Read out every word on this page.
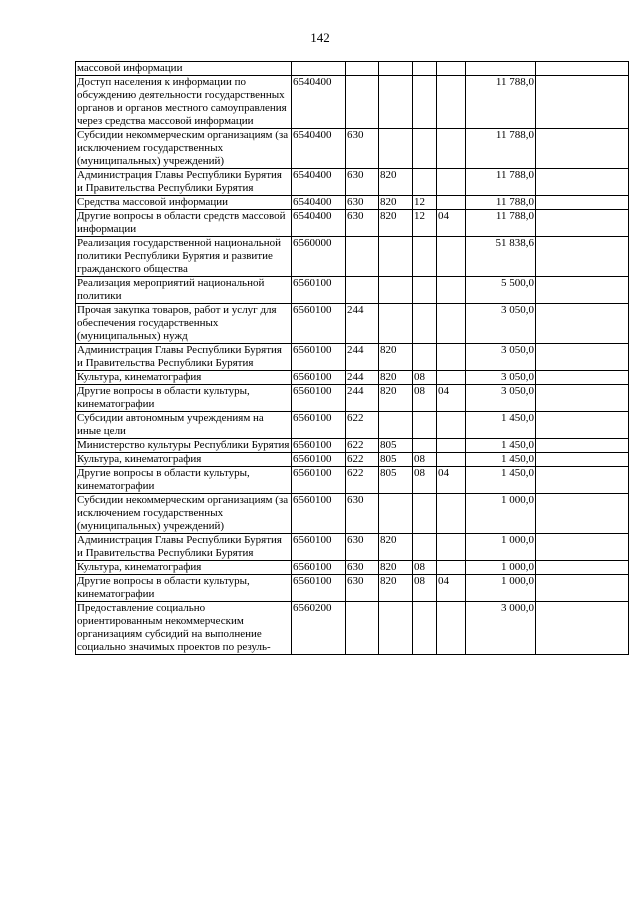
142
массовой информации							
Доступ населения к информации по обсуждению деятельности государственных органов и органов местного самоуправления через средства массовой информации	6540400					11 788,0	
Субсидии некоммерческим организациям (за исключением государственных (муниципальных) учреждений)	6540400	630				11 788,0	
Администрация Главы Республики Бурятия и Правительства Республики Бурятия	6540400	630	820			11 788,0	
Средства массовой информации	6540400	630	820	12		11 788,0	
Другие вопросы в области средств массовой информации	6540400	630	820	12	04	11 788,0	
Реализация государственной национальной политики Республики Бурятия и развитие гражданского общества	6560000					51 838,6	
Реализация мероприятий национальной политики	6560100					5 500,0	
Прочая закупка товаров, работ и услуг для обеспечения государственных (муниципальных) нужд	6560100	244				3 050,0	
Администрация Главы Республики Бурятия и Правительства Республики Бурятия	6560100	244	820			3 050,0	
Культура, кинематография	6560100	244	820	08		3 050,0	
Другие вопросы в области культуры, кинематографии	6560100	244	820	08	04	3 050,0	
Субсидии автономным учреждениям на иные цели	6560100	622				1 450,0	
Министерство культуры Республики Бурятия	6560100	622	805			1 450,0	
Культура, кинематография	6560100	622	805	08		1 450,0	
Другие вопросы в области культуры, кинематографии	6560100	622	805	08	04	1 450,0	
Субсидии некоммерческим организациям (за исключением государственных (муниципальных) учреждений)	6560100	630				1 000,0	
Администрация Главы Республики Бурятия и Правительства Республики Бурятия	6560100	630	820			1 000,0	
Культура, кинематография	6560100	630	820	08		1 000,0	
Другие вопросы в области культуры, кинематографии	6560100	630	820	08	04	1 000,0	
Предоставление социально ориентированным некоммерческим организациям субсидий на выполнение социально значимых проектов по резуль-	6560200					3 000,0	
